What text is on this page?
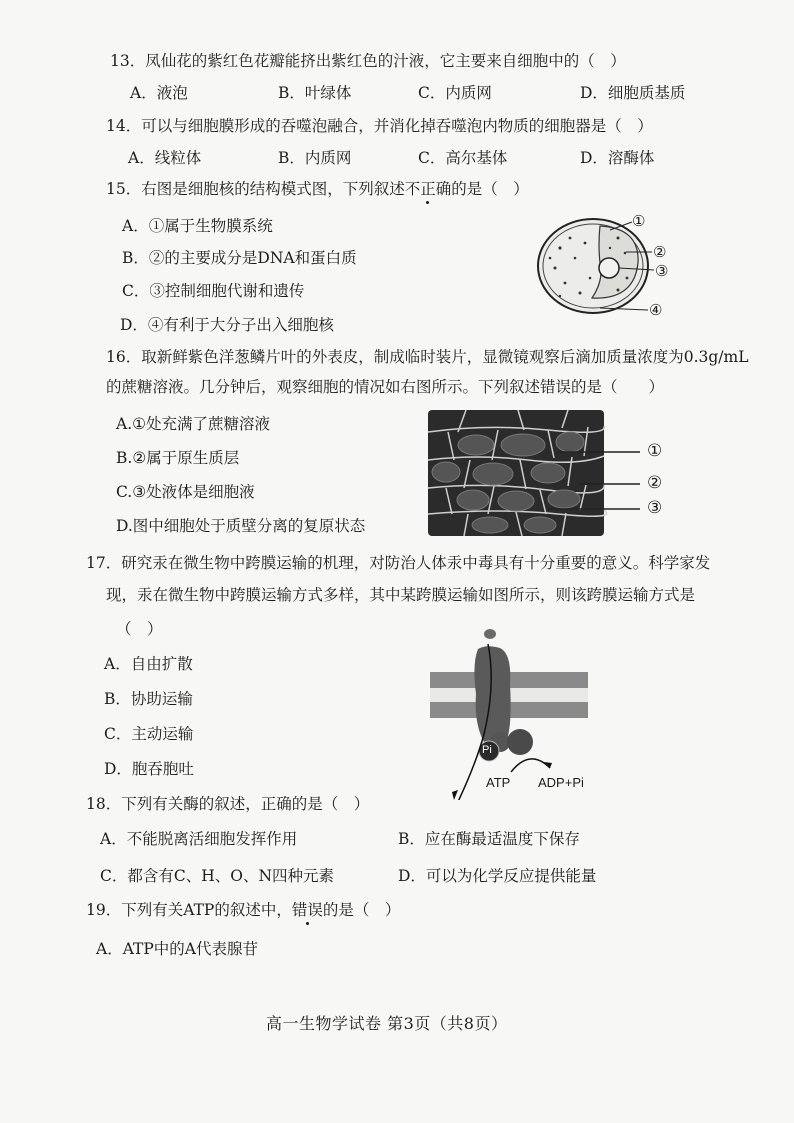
13．凤仙花的紫红色花瓣能挤出紫红色的汁液，它主要来自细胞中的（　）
A．液泡	B．叶绿体	C．内质网	D．细胞质基质
14．可以与细胞膜形成的吞噬泡融合，并消化掉吞噬泡内物质的细胞器是（　）
A．线粒体	B．内质网	C．高尔基体	D．溶酶体
15．右图是细胞核的结构模式图，下列叙述不正确的是（　）
A．①属于生物膜系统
B．②的主要成分是DNA和蛋白质
C．③控制细胞代谢和遗传
D．④有利于大分子出入细胞核
①
②
③
④
16．取新鲜紫色洋葱鳞片叶的外表皮，制成临时装片，显微镜观察后滴加质量浓度为0.3g/mL
的蔗糖溶液。几分钟后，观察细胞的情况如右图所示。下列叙述错误的是（　　）
A.①处充满了蔗糖溶液
B.②属于原生质层
C.③处液体是细胞液
D.图中细胞处于质壁分离的复原状态
①
②
③
17．研究汞在微生物中跨膜运输的机理，对防治人体汞中毒具有十分重要的意义。科学家发
现，汞在微生物中跨膜运输方式多样，其中某跨膜运输如图所示，则该跨膜运输方式是
（　）
A．自由扩散
B．协助运输
C．主动运输
D．胞吞胞吐
Pi
ATP ADP+Pi
18．下列有关酶的叙述，正确的是（　）
A．不能脱离活细胞发挥作用	B．应在酶最适温度下保存
C．都含有C、H、O、N四种元素	D．可以为化学反应提供能量
19．下列有关ATP的叙述中，错误的是（　）
A．ATP中的A代表腺苷
高一生物学试卷 第3页（共8页）
